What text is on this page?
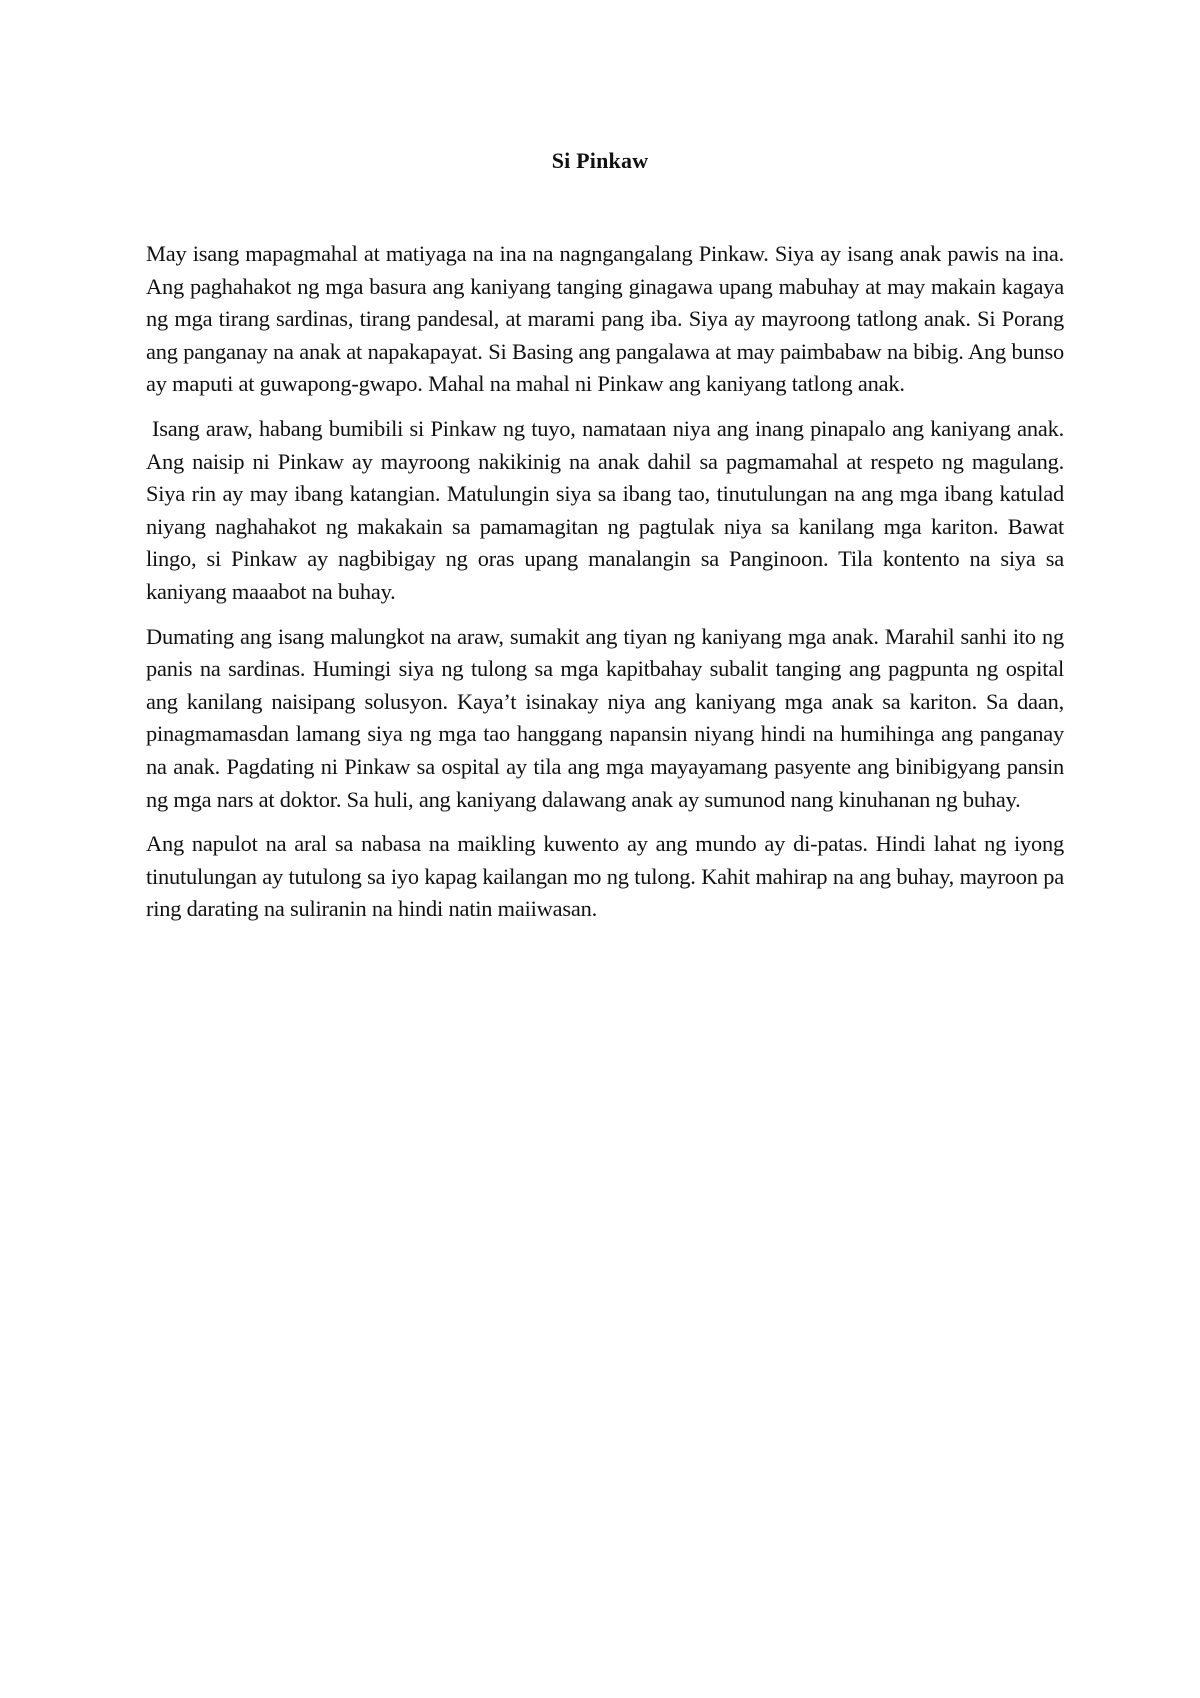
Si Pinkaw

May isang mapagmahal at matiyaga na ina na nagngangalang Pinkaw. Siya ay isang anak pawis na ina. Ang paghahakot ng mga basura ang kaniyang tanging ginagawa upang mabuhay at may makain kagaya ng mga tirang sardinas, tirang pandesal, at marami pang iba. Siya ay mayroong tatlong anak. Si Porang ang panganay na anak at napakapayat. Si Basing ang pangalawa at may paimbabaw na bibig. Ang bunso ay maputi at guwapong-gwapo. Mahal na mahal ni Pinkaw ang kaniyang tatlong anak.

Isang araw, habang bumibili si Pinkaw ng tuyo, namataan niya ang inang pinapalo ang kaniyang anak. Ang naisip ni Pinkaw ay mayroong nakikinig na anak dahil sa pagmamahal at respeto ng magulang. Siya rin ay may ibang katangian. Matulungin siya sa ibang tao, tinutulungan na ang mga ibang katulad niyang naghahakot ng makakain sa pamamagitan ng pagtulak niya sa kanilang mga kariton. Bawat lingo, si Pinkaw ay nagbibigay ng oras upang manalangin sa Panginoon. Tila kontento na siya sa kaniyang maaabot na buhay.

Dumating ang isang malungkot na araw, sumakit ang tiyan ng kaniyang mga anak. Marahil sanhi ito ng panis na sardinas. Humingi siya ng tulong sa mga kapitbahay subalit tanging ang pagpunta ng ospital ang kanilang naisipang solusyon. Kaya’t isinakay niya ang kaniyang mga anak sa kariton. Sa daan, pinagmamasdan lamang siya ng mga tao hanggang napansin niyang hindi na humihinga ang panganay na anak. Pagdating ni Pinkaw sa ospital ay tila ang mga mayayamang pasyente ang binibigyang pansin ng mga nars at doktor. Sa huli, ang kaniyang dalawang anak ay sumunod nang kinuhanan ng buhay.

Ang napulot na aral sa nabasa na maikling kuwento ay ang mundo ay di-patas. Hindi lahat ng iyong tinutulungan ay tutulong sa iyo kapag kailangan mo ng tulong. Kahit mahirap na ang buhay, mayroon pa ring darating na suliranin na hindi natin maiiwasan.
